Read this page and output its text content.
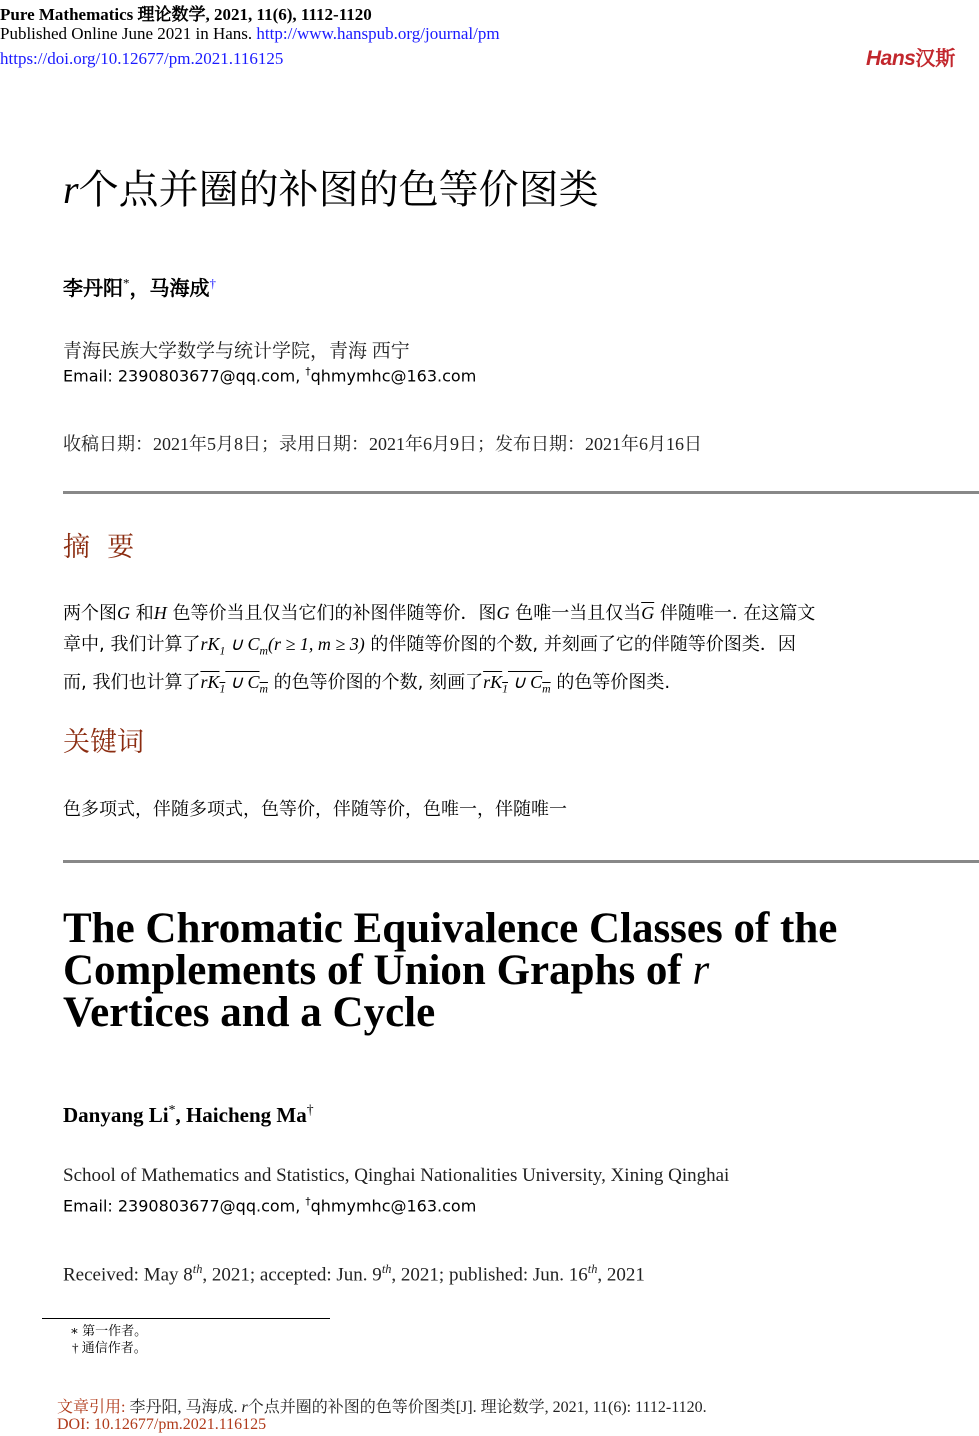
Pure Mathematics 理论数学, 2021, 11(6), 1112-1120
Published Online June 2021 in Hans. http://www.hanspub.org/journal/pm
https://doi.org/10.12677/pm.2021.116125	Hans汉斯
r个点并圈的补图的色等价图类
李丹阳*，马海成†
青海民族大学数学与统计学院，青海 西宁
Email: 2390803677@qq.com, †qhmymhc@163.com
收稿日期：2021年5月8日；录用日期：2021年6月9日；发布日期：2021年6月16日
摘  要
两个图G 和H 色等价当且仅当它们的补图伴随等价．图G 色唯一当且仅当$\overline{G}$ 伴随唯一. 在这篇文
章中, 我们计算了$rK_1$ ∪ $C_m(r \ge 1$, m ≥ 3) 的伴随等价图的个数, 并刻画了它的伴随等价图类．因
而, 我们也计算了$rK_1$ ∪ $C_m$ 的色等价图的个数, 刻画了$rK_1$ ∪ $C_m$ 的色等价图类.
关键词
色多项式，伴随多项式，色等价，伴随等价，色唯一，伴随唯一
The Chromatic Equivalence Classes of the
Complements of Union Graphs of r
Vertices and a Cycle
Danyang Li*, Haicheng Ma†
School of Mathematics and Statistics, Qinghai Nationalities University, Xining Qinghai
Email: 2390803677@qq.com, †qhmymhc@163.com
Received: May 8th, 2021; accepted: Jun. 9th, 2021; published: Jun. 16th, 2021
∗ 第一作者。
† 通信作者。
文章引用: 李丹阳, 马海成. r个点并圈的补图的色等价图类[J]. 理论数学, 2021, 11(6): 1112-1120.
DOI: 10.12677/pm.2021.116125
